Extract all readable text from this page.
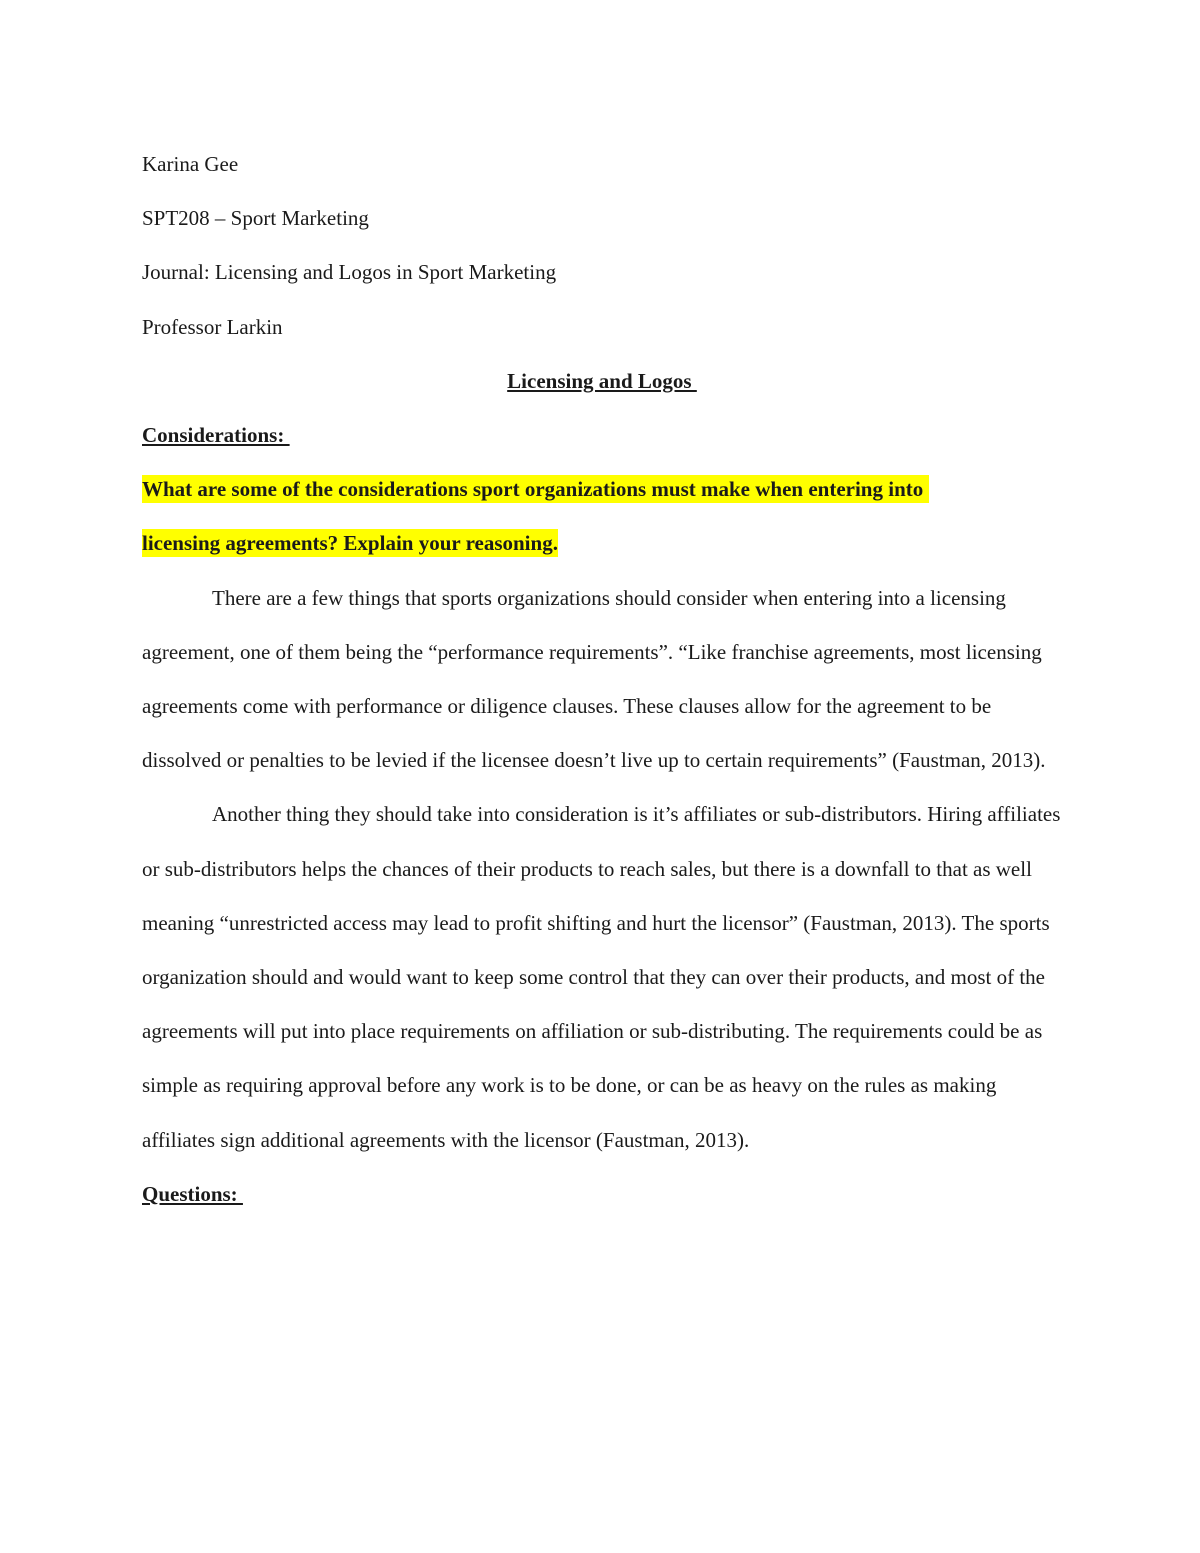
Karina Gee

SPT208 – Sport Marketing

Journal: Licensing and Logos in Sport Marketing

Professor Larkin

Licensing and Logos

Considerations:

What are some of the considerations sport organizations must make when entering into

licensing agreements? Explain your reasoning.

There are a few things that sports organizations should consider when entering into a licensing agreement, one of them being the “performance requirements”. “Like franchise agreements, most licensing agreements come with performance or diligence clauses. These clauses allow for the agreement to be dissolved or penalties to be levied if the licensee doesn’t live up to certain requirements” (Faustman, 2013).

Another thing they should take into consideration is it’s affiliates or sub-distributors. Hiring affiliates or sub-distributors helps the chances of their products to reach sales, but there is a downfall to that as well meaning “unrestricted access may lead to profit shifting and hurt the licensor” (Faustman, 2013). The sports organization should and would want to keep some control that they can over their products, and most of the agreements will put into place requirements on affiliation or sub-distributing. The requirements could be as simple as requiring approval before any work is to be done, or can be as heavy on the rules as making affiliates sign additional agreements with the licensor (Faustman, 2013).

Questions:
